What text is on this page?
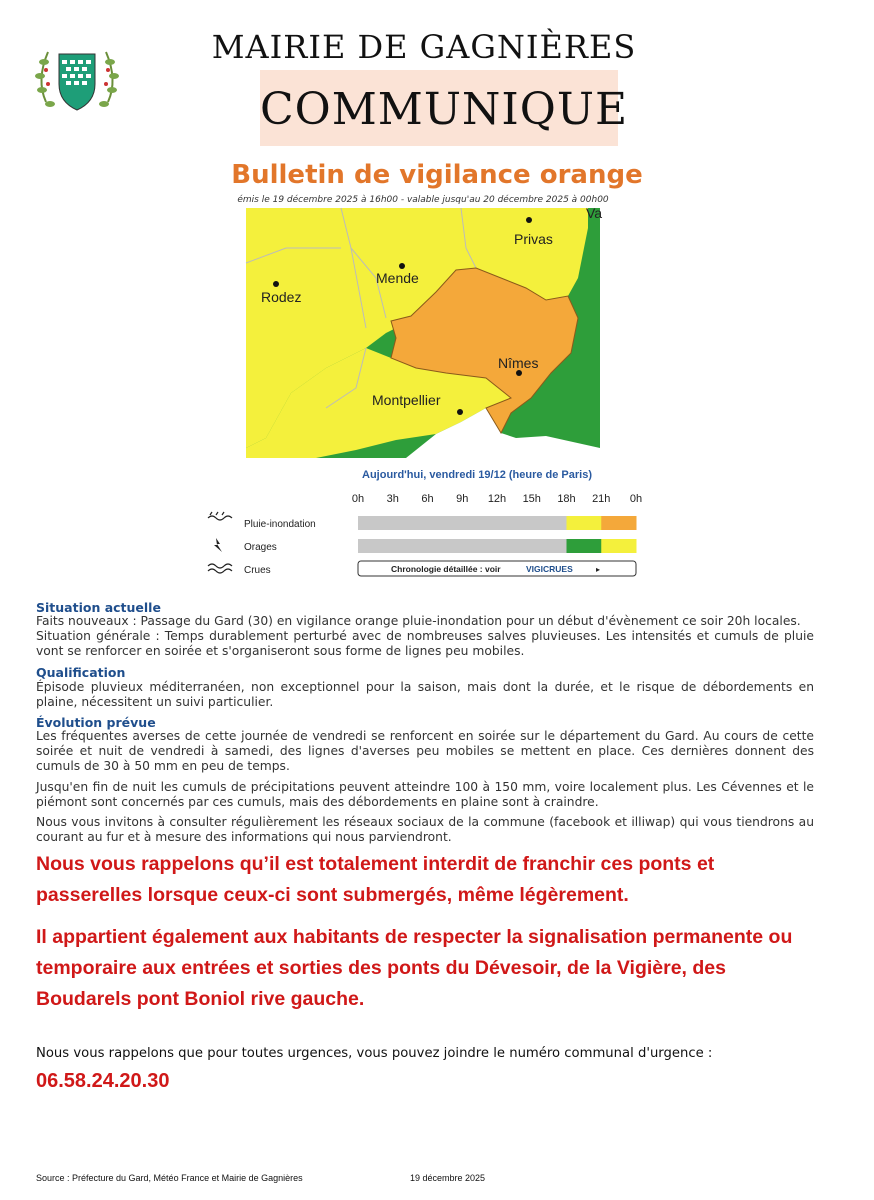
MAIRIE DE GAGNIÈRES
COMMUNIQUE
Bulletin de vigilance orange
émis le 19 décembre 2025 à 16h00 - valable jusqu'au 20 décembre 2025 à 00h00
Privas
Mende
Rodez
Nîmes
Montpellier
Va
Aujourd'hui, vendredi 19/12 (heure de Paris)
0h 3h 6h 9h 12h 15h 18h 21h 0h
Pluie-inondation
Orages
Crues	Chronologie détaillée : voir	VIGICRUES	▸
Situation actuelle

Faits nouveaux : Passage du Gard (30) en vigilance orange pluie-inondation pour un début d'évènement ce soir 20h locales.

Situation générale : Temps durablement perturbé avec de nombreuses salves pluvieuses. Les intensités et cumuls de pluie vont se renforcer en soirée et s'organiseront sous forme de lignes peu mobiles.

Qualification

Épisode pluvieux méditerranéen, non exceptionnel pour la saison, mais dont la durée, et le risque de débordements en plaine, nécessitent un suivi particulier.

Évolution prévue

Les fréquentes averses de cette journée de vendredi se renforcent en soirée sur le département du Gard. Au cours de cette soirée et nuit de vendredi à samedi, des lignes d'averses peu mobiles se mettent en place. Ces dernières donnent des cumuls de 30 à 50 mm en peu de temps.

Jusqu'en fin de nuit les cumuls de précipitations peuvent atteindre 100 à 150 mm, voire localement plus. Les Cévennes et le piémont sont concernés par ces cumuls, mais des débordements en plaine sont à craindre.

Nous vous invitons à consulter régulièrement les réseaux sociaux de la commune (facebook et illiwap) qui vous tiendrons au courant au fur et à mesure des informations qui nous parviendront.

Nous vous rappelons qu’il est totalement interdit de franchir ces ponts et passerelles lorsque ceux-ci sont submergés, même légèrement.

Il appartient également aux habitants de respecter la signalisation permanente ou temporaire aux entrées et sorties des ponts du Dévesoir, de la Vigière, des Boudarels pont Boniol rive gauche.

Nous vous rappelons que pour toutes urgences, vous pouvez joindre le numéro communal d'urgence :
06.58.24.20.30
Source : Préfecture du Gard, Météo France et Mairie de Gagnières	19 décembre 2025
